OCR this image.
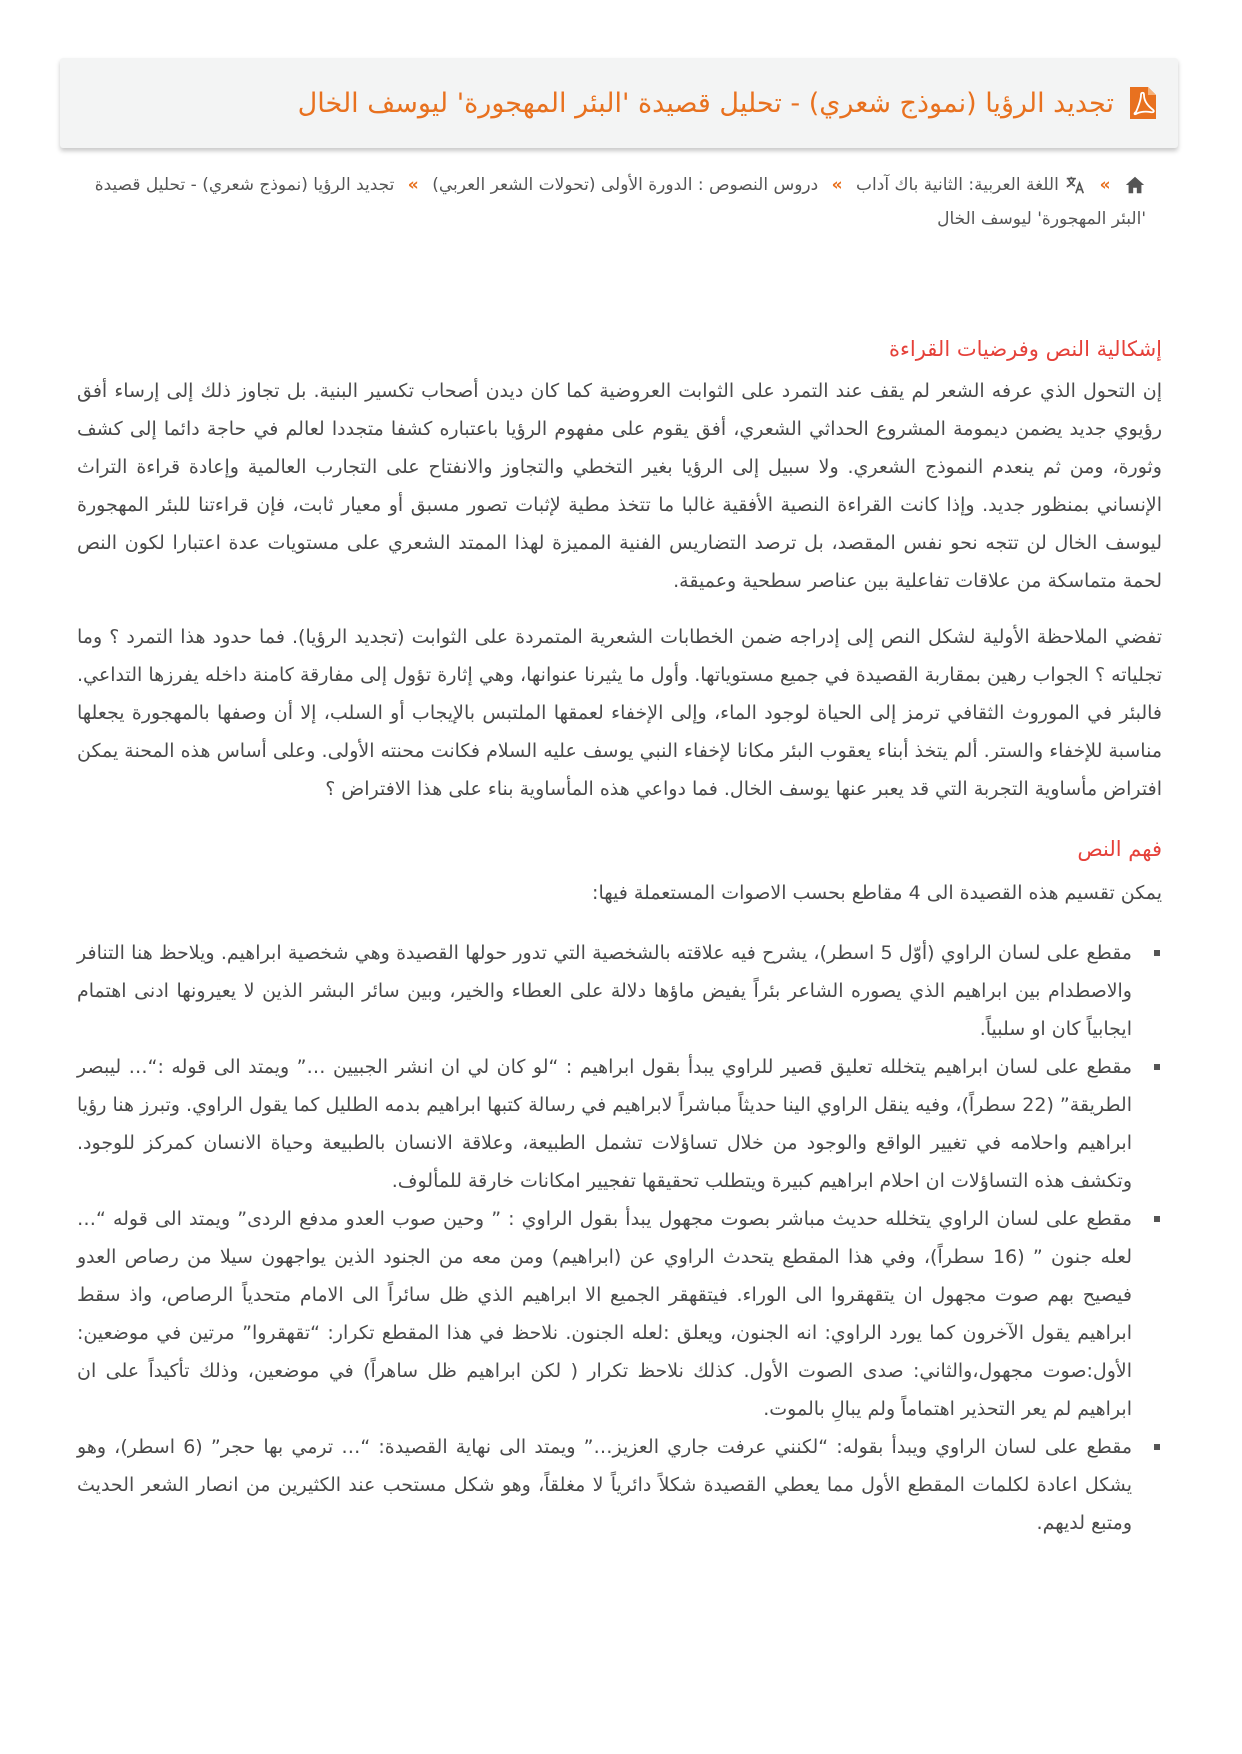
تجديد الرؤيا (نموذج شعري) - تحليل قصيدة 'البئر المهجورة' ليوسف الخال
»  اللغة العربية: الثانية باك آداب » دروس النصوص : الدورة الأولى (تحولات الشعر العربي) » تجديد الرؤيا (نموذج شعري) - تحليل قصيدة 'البئر المهجورة' ليوسف الخال
إشكالية النص وفرضيات القراءة

إن التحول الذي عرفه الشعر لم يقف عند التمرد على الثوابت العروضية كما كان ديدن أصحاب تكسير البنية. بل تجاوز ذلك إلى إرساء أفق رؤيوي جديد يضمن ديمومة المشروع الحداثي الشعري، أفق يقوم على مفهوم الرؤيا باعتباره كشفا متجددا لعالم في حاجة دائما إلى كشف وثورة، ومن ثم ينعدم النموذج الشعري. ولا سبيل إلى الرؤيا بغير التخطي والتجاوز والانفتاح على التجارب العالمية وإعادة قراءة التراث الإنساني بمنظور جديد. وإذا كانت القراءة النصية الأفقية غالبا ما تتخذ مطية لإثبات تصور مسبق أو معيار ثابت، فإن قراءتنا للبئر المهجورة ليوسف الخال لن تتجه نحو نفس المقصد، بل ترصد التضاريس الفنية المميزة لهذا الممتد الشعري على مستويات عدة اعتبارا لكون النص لحمة متماسكة من علاقات تفاعلية بين عناصر سطحية وعميقة.

تفضي الملاحظة الأولية لشكل النص إلى إدراجه ضمن الخطابات الشعرية المتمردة على الثوابت (تجديد الرؤيا). فما حدود هذا التمرد ؟ وما تجلياته ؟ الجواب رهين بمقاربة القصيدة في جميع مستوياتها. وأول ما يثيرنا عنوانها، وهي إثارة تؤول إلى مفارقة كامنة داخله يفرزها التداعي. فالبئر في الموروث الثقافي ترمز إلى الحياة لوجود الماء، وإلى الإخفاء لعمقها الملتبس بالإيجاب أو السلب، إلا أن وصفها بالمهجورة يجعلها مناسبة للإخفاء والستر. ألم يتخذ أبناء يعقوب البئر مكانا لإخفاء النبي يوسف عليه السلام فكانت محنته الأولى. وعلى أساس هذه المحنة يمكن افتراض مأساوية التجربة التي قد يعبر عنها يوسف الخال. فما دواعي هذه المأساوية بناء على هذا الافتراض ؟

فهم النص

يمكن تقسيم هذه القصيدة الى 4 مقاطع بحسب الاصوات المستعملة فيها:

مقطع على لسان الراوي (أوّل 5 اسطر)، يشرح فيه علاقته بالشخصية التي تدور حولها القصيدة وهي شخصية ابراهيم. ويلاحظ هنا التنافر والاصطدام بين ابراهيم الذي يصوره الشاعر بئراً يفيض ماؤها دلالة على العطاء والخير، وبين سائر البشر الذين لا يعيرونها ادنى اهتمام ايجابياً كان او سلبياً.
مقطع على لسان ابراهيم يتخلله تعليق قصير للراوي يبدأ بقول ابراهيم : “لو كان لي ان انشر الجبيين …” ويمتد الى قوله :“… ليبصر الطريقة” (22 سطراً)، وفيه ينقل الراوي الينا حديثاً مباشراً لابراهيم في رسالة كتبها ابراهيم بدمه الطليل كما يقول الراوي. وتبرز هنا رؤيا ابراهيم واحلامه في تغيير الواقع والوجود من خلال تساؤلات تشمل الطبيعة، وعلاقة الانسان بالطبيعة وحياة الانسان كمركز للوجود. وتكشف هذه التساؤلات ان احلام ابراهيم كبيرة ويتطلب تحقيقها تفجيير امكانات خارقة للمألوف.
مقطع على لسان الراوي يتخلله حديث مباشر بصوت مجهول يبدأ بقول الراوي : ” وحين صوب العدو مدفع الردى” ويمتد الى قوله “… لعله جنون ” (16 سطراً)، وفي هذا المقطع يتحدث الراوي عن (ابراهيم) ومن معه من الجنود الذين يواجهون سيلا من رصاص العدو فيصيح بهم صوت مجهول ان يتقهقروا الى الوراء. فيتقهقر الجميع الا ابراهيم الذي ظل سائراً الى الامام متحدياً الرصاص، واذ سقط ابراهيم يقول الآخرون كما يورد الراوي: انه الجنون، ويعلق :لعله الجنون. نلاحظ في هذا المقطع تكرار: “تقهقروا” مرتين في موضعين: الأول:صوت مجهول،والثاني: صدى الصوت الأول. كذلك نلاحظ تكرار ( لكن ابراهيم ظل ساهراً) في موضعين، وذلك تأكيداً على ان ابراهيم لم يعر التحذير اهتماماً ولم يبالِ بالموت.
مقطع على لسان الراوي ويبدأ بقوله: “لكنني عرفت جاري العزيز…” ويمتد الى نهاية القصيدة: “… ترمي بها حجر” (6 اسطر)، وهو يشكل اعادة لكلمات المقطع الأول مما يعطي القصيدة شكلاً دائرياً لا مغلقاً، وهو شكل مستحب عند الكثيرين من انصار الشعر الحديث ومتبع لديهم.
